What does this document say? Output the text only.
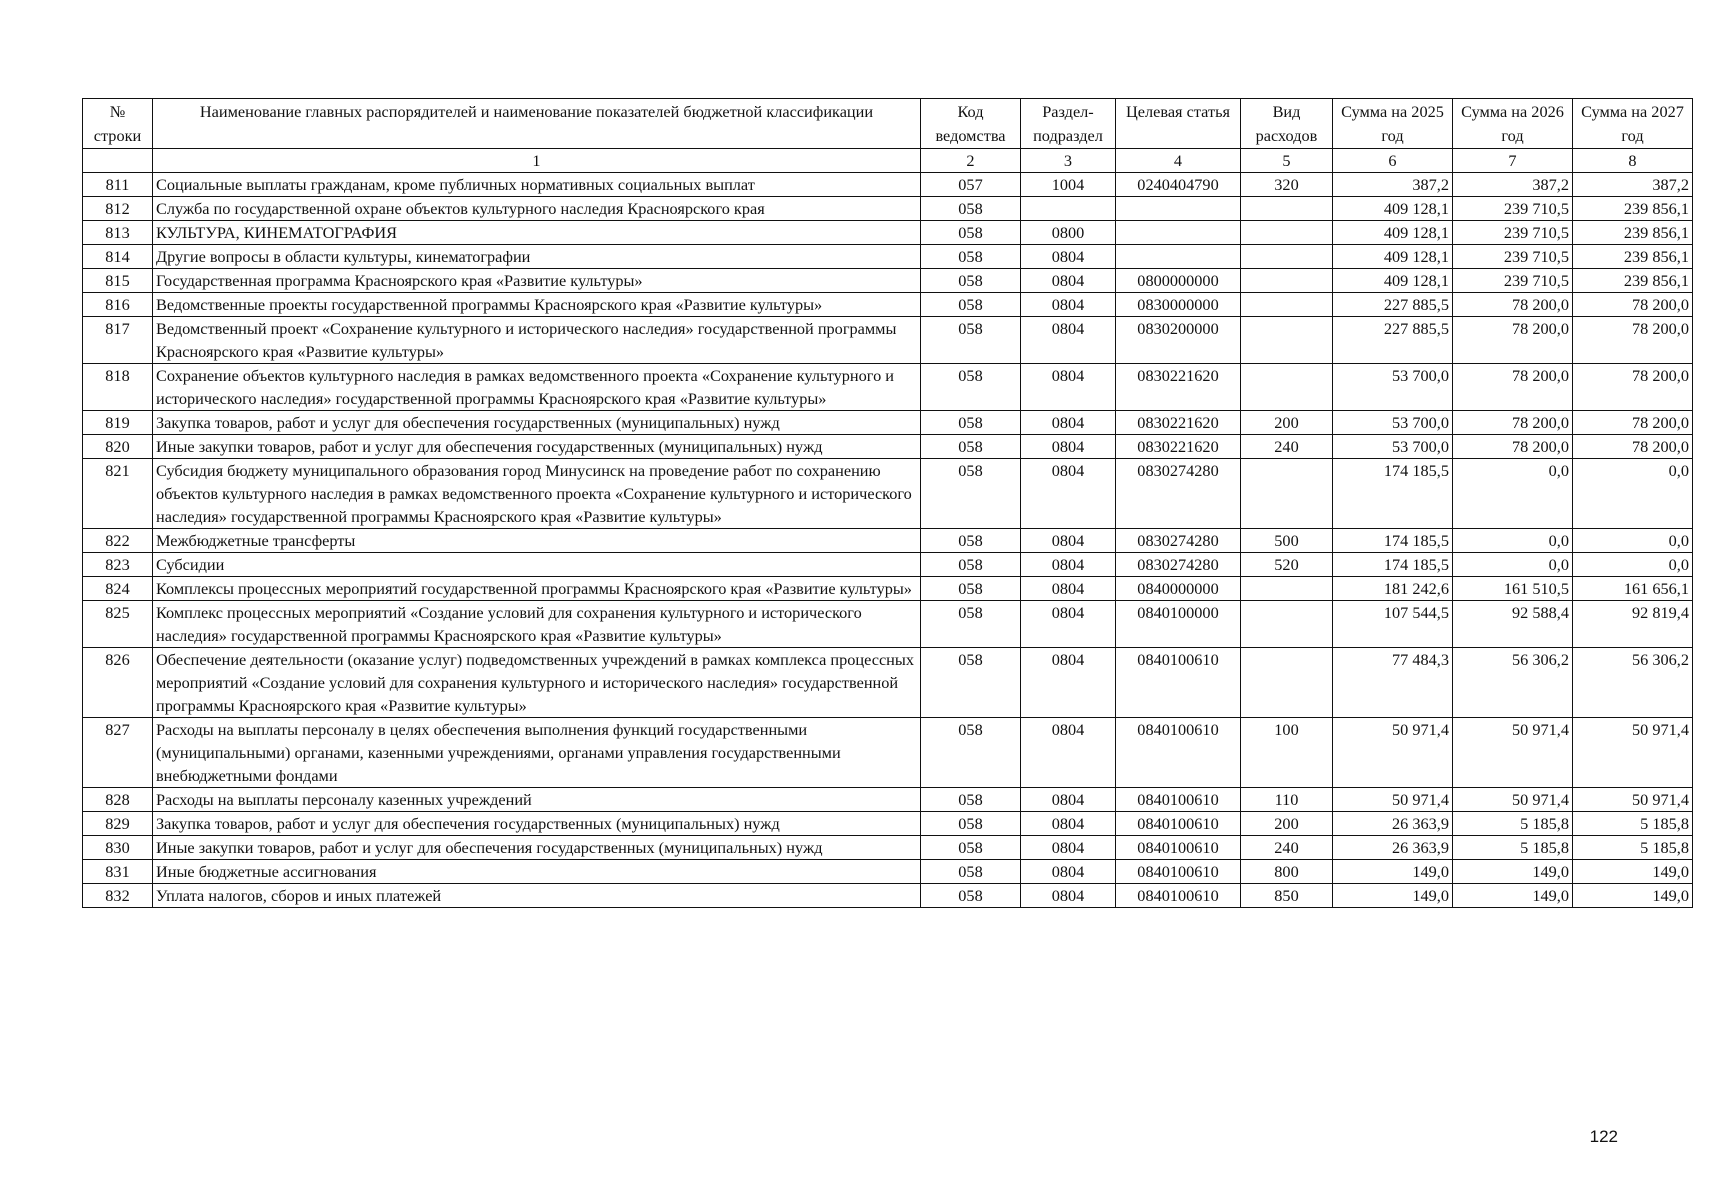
№ строки	Наименование главных распорядителей и наименование показателей бюджетной классификации	Код ведомства	Раздел-подраздел	Целевая статья	Вид расходов	Сумма на 2025 год	Сумма на 2026 год	Сумма на 2027 год
	1	2	3	4	5	6	7	8
811	Социальные выплаты гражданам, кроме публичных нормативных социальных выплат	057	1004	0240404790	320	387,2	387,2	387,2
812	Служба по государственной охране объектов культурного наследия Красноярского края	058				409 128,1	239 710,5	239 856,1
813	КУЛЬТУРА, КИНЕМАТОГРАФИЯ	058	0800			409 128,1	239 710,5	239 856,1
814	Другие вопросы в области культуры, кинематографии	058	0804			409 128,1	239 710,5	239 856,1
815	Государственная программа Красноярского края «Развитие культуры»	058	0804	0800000000		409 128,1	239 710,5	239 856,1
816	Ведомственные проекты государственной программы Красноярского края «Развитие культуры»	058	0804	0830000000		227 885,5	78 200,0	78 200,0
817	Ведомственный проект «Сохранение культурного и исторического наследия» государственной программы Красноярского края «Развитие культуры»	058	0804	0830200000		227 885,5	78 200,0	78 200,0
818	Сохранение объектов культурного наследия в рамках ведомственного проекта «Сохранение культурного и исторического наследия» государственной программы Красноярского края «Развитие культуры»	058	0804	0830221620		53 700,0	78 200,0	78 200,0
819	Закупка товаров, работ и услуг для обеспечения государственных (муниципальных) нужд	058	0804	0830221620	200	53 700,0	78 200,0	78 200,0
820	Иные закупки товаров, работ и услуг для обеспечения государственных (муниципальных) нужд	058	0804	0830221620	240	53 700,0	78 200,0	78 200,0
821	Субсидия бюджету муниципального образования город Минусинск на проведение работ по сохранению объектов культурного наследия в рамках ведомственного проекта «Сохранение культурного и исторического наследия» государственной программы Красноярского края «Развитие культуры»	058	0804	0830274280		174 185,5	0,0	0,0
822	Межбюджетные трансферты	058	0804	0830274280	500	174 185,5	0,0	0,0
823	Субсидии	058	0804	0830274280	520	174 185,5	0,0	0,0
824	Комплексы процессных мероприятий государственной программы Красноярского края «Развитие культуры»	058	0804	0840000000		181 242,6	161 510,5	161 656,1
825	Комплекс процессных мероприятий «Создание условий для сохранения культурного и исторического наследия» государственной программы Красноярского края «Развитие культуры»	058	0804	0840100000		107 544,5	92 588,4	92 819,4
826	Обеспечение деятельности (оказание услуг) подведомственных учреждений в рамках комплекса процессных мероприятий «Создание условий для сохранения культурного и исторического наследия» государственной программы Красноярского края «Развитие культуры»	058	0804	0840100610		77 484,3	56 306,2	56 306,2
827	Расходы на выплаты персоналу в целях обеспечения выполнения функций государственными (муниципальными) органами, казенными учреждениями, органами управления государственными внебюджетными фондами	058	0804	0840100610	100	50 971,4	50 971,4	50 971,4
828	Расходы на выплаты персоналу казенных учреждений	058	0804	0840100610	110	50 971,4	50 971,4	50 971,4
829	Закупка товаров, работ и услуг для обеспечения государственных (муниципальных) нужд	058	0804	0840100610	200	26 363,9	5 185,8	5 185,8
830	Иные закупки товаров, работ и услуг для обеспечения государственных (муниципальных) нужд	058	0804	0840100610	240	26 363,9	5 185,8	5 185,8
831	Иные бюджетные ассигнования	058	0804	0840100610	800	149,0	149,0	149,0
832	Уплата налогов, сборов и иных платежей	058	0804	0840100610	850	149,0	149,0	149,0
122
